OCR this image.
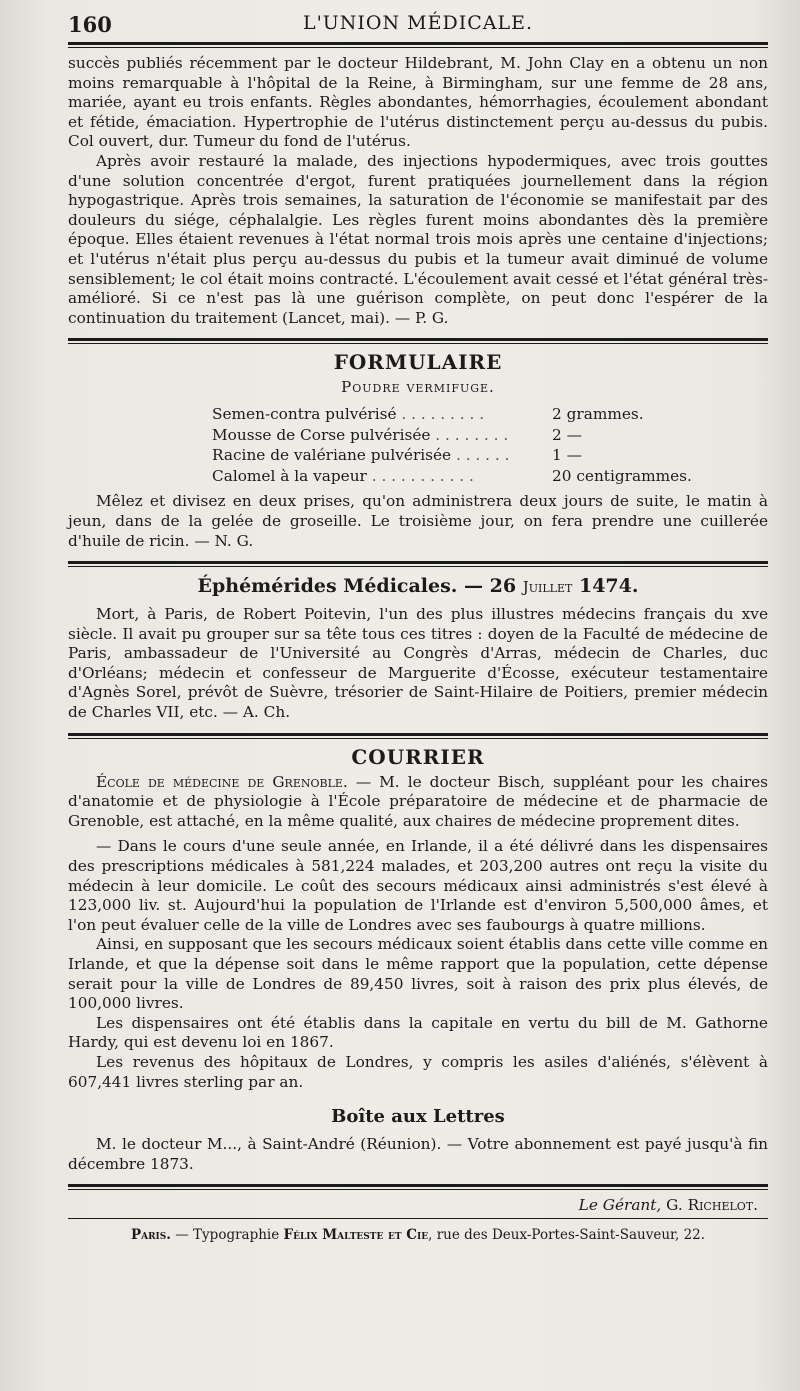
160	L'UNION MÉDICALE.

succès publiés récemment par le docteur Hildebrant, M. John Clay en a obtenu un non moins remarquable à l'hôpital de la Reine, à Birmingham, sur une femme de 28 ans, mariée, ayant eu trois enfants. Règles abondantes, hémorrhagies, écoulement abondant et fétide, émaciation. Hypertrophie de l'utérus distinctement perçu au-dessus du pubis. Col ouvert, dur. Tumeur du fond de l'utérus.

Après avoir restauré la malade, des injections hypodermiques, avec trois gouttes d'une solution concentrée d'ergot, furent pratiquées journellement dans la région hypogastrique. Après trois semaines, la saturation de l'économie se manifestait par des douleurs du siége, céphalalgie. Les règles furent moins abondantes dès la première époque. Elles étaient revenues à l'état normal trois mois après une centaine d'injections; et l'utérus n'était plus perçu au-dessus du pubis et la tumeur avait diminué de volume sensiblement; le col était moins contracté. L'écoulement avait cessé et l'état général très-amélioré. Si ce n'est pas là une guérison complète, on peut donc l'espérer de la continuation du traitement (Lancet, mai). — P. G.

FORMULAIRE
Poudre vermifuge.
Semen-contra pulvérisé . . . . . . . . .	2 grammes.
Mousse de Corse pulvérisée . . . . . . . .	2 —
Racine de valériane pulvérisée . . . . . .	1 —
Calomel à la vapeur . . . . . . . . . . .	20 centigrammes.

Mêlez et divisez en deux prises, qu'on administrera deux jours de suite, le matin à jeun, dans de la gelée de groseille. Le troisième jour, on fera prendre une cuillerée d'huile de ricin. — N. G.

Éphémérides Médicales. — 26 Juillet 1474.

Mort, à Paris, de Robert Poitevin, l'un des plus illustres médecins français du xve siècle. Il avait pu grouper sur sa tête tous ces titres : doyen de la Faculté de médecine de Paris, ambassadeur de l'Université au Congrès d'Arras, médecin de Charles, duc d'Orléans; médecin et confesseur de Marguerite d'Écosse, exécuteur testamentaire d'Agnès Sorel, prévôt de Suèvre, trésorier de Saint-Hilaire de Poitiers, premier médecin de Charles VII, etc. — A. Ch.

COURRIER

École de médecine de Grenoble. — M. le docteur Bisch, suppléant pour les chaires d'anatomie et de physiologie à l'École préparatoire de médecine et de pharmacie de Grenoble, est attaché, en la même qualité, aux chaires de médecine proprement dites.

— Dans le cours d'une seule année, en Irlande, il a été délivré dans les dispensaires des prescriptions médicales à 581,224 malades, et 203,200 autres ont reçu la visite du médecin à leur domicile. Le coût des secours médicaux ainsi administrés s'est élevé à 123,000 liv. st. Aujourd'hui la population de l'Irlande est d'environ 5,500,000 âmes, et l'on peut évaluer celle de la ville de Londres avec ses faubourgs à quatre millions.

Ainsi, en supposant que les secours médicaux soient établis dans cette ville comme en Irlande, et que la dépense soit dans le même rapport que la population, cette dépense serait pour la ville de Londres de 89,450 livres, soit à raison des prix plus élevés, de 100,000 livres.

Les dispensaires ont été établis dans la capitale en vertu du bill de M. Gathorne Hardy, qui est devenu loi en 1867.

Les revenus des hôpitaux de Londres, y compris les asiles d'aliénés, s'élèvent à 607,441 livres sterling par an.

Boîte aux Lettres

M. le docteur M..., à Saint-André (Réunion). — Votre abonnement est payé jusqu'à fin décembre 1873.

Le Gérant, G. Richelot.
Paris. — Typographie Félix Malteste et Cie, rue des Deux-Portes-Saint-Sauveur, 22.
